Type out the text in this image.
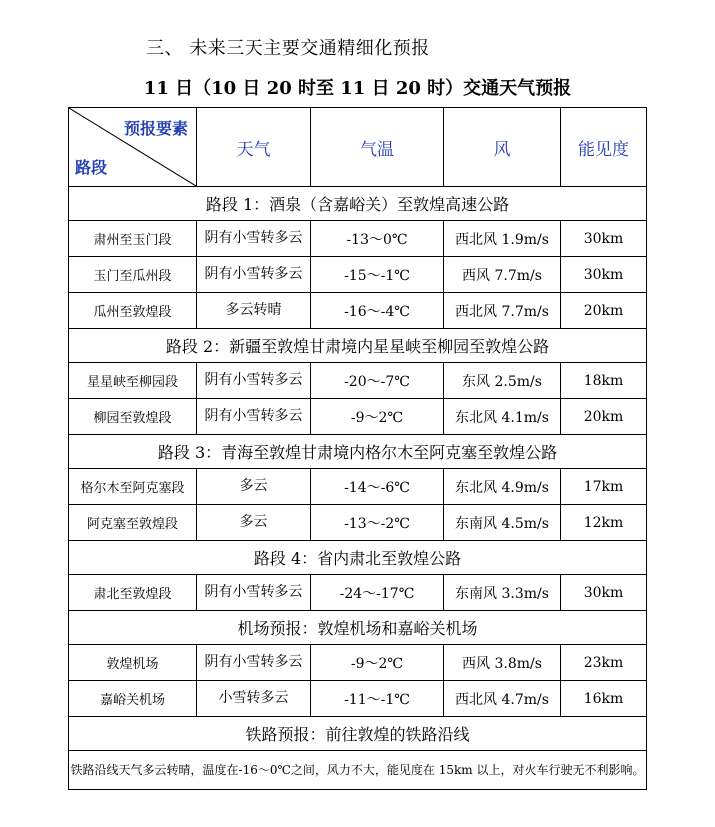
三、 未来三天主要交通精细化预报
11 日（10 日 20 时至 11 日 20 时）交通天气预报
预报要素
路段	天气	气温	风	能见度
路段 1：酒泉（含嘉峪关）至敦煌高速公路				
肃州至玉门段	阴有小雪转多云	-13～0℃	西北风 1.9m/s	30km
玉门至瓜州段	阴有小雪转多云	-15～-1℃	西风 7.7m/s	30km
瓜州至敦煌段	多云转晴	-16～-4℃	西北风 7.7m/s	20km
路段 2：新疆至敦煌甘肃境内星星峡至柳园至敦煌公路				
星星峡至柳园段	阴有小雪转多云	-20～-7℃	东风 2.5m/s	18km
柳园至敦煌段	阴有小雪转多云	-9～2℃	东北风 4.1m/s	20km
路段 3：青海至敦煌甘肃境内格尔木至阿克塞至敦煌公路				
格尔木至阿克塞段	多云	-14～-6℃	东北风 4.9m/s	17km
阿克塞至敦煌段	多云	-13～-2℃	东南风 4.5m/s	12km
路段 4：省内肃北至敦煌公路				
肃北至敦煌段	阴有小雪转多云	-24～-17℃	东南风 3.3m/s	30km
机场预报：敦煌机场和嘉峪关机场				
敦煌机场	阴有小雪转多云	-9～2℃	西风 3.8m/s	23km
嘉峪关机场	小雪转多云	-11～-1℃	西北风 4.7m/s	16km
铁路预报：前往敦煌的铁路沿线				
铁路沿线天气多云转晴，温度在-16～0℃之间，风力不大，能见度在 15km 以上，对火车行驶无不利影响。				
